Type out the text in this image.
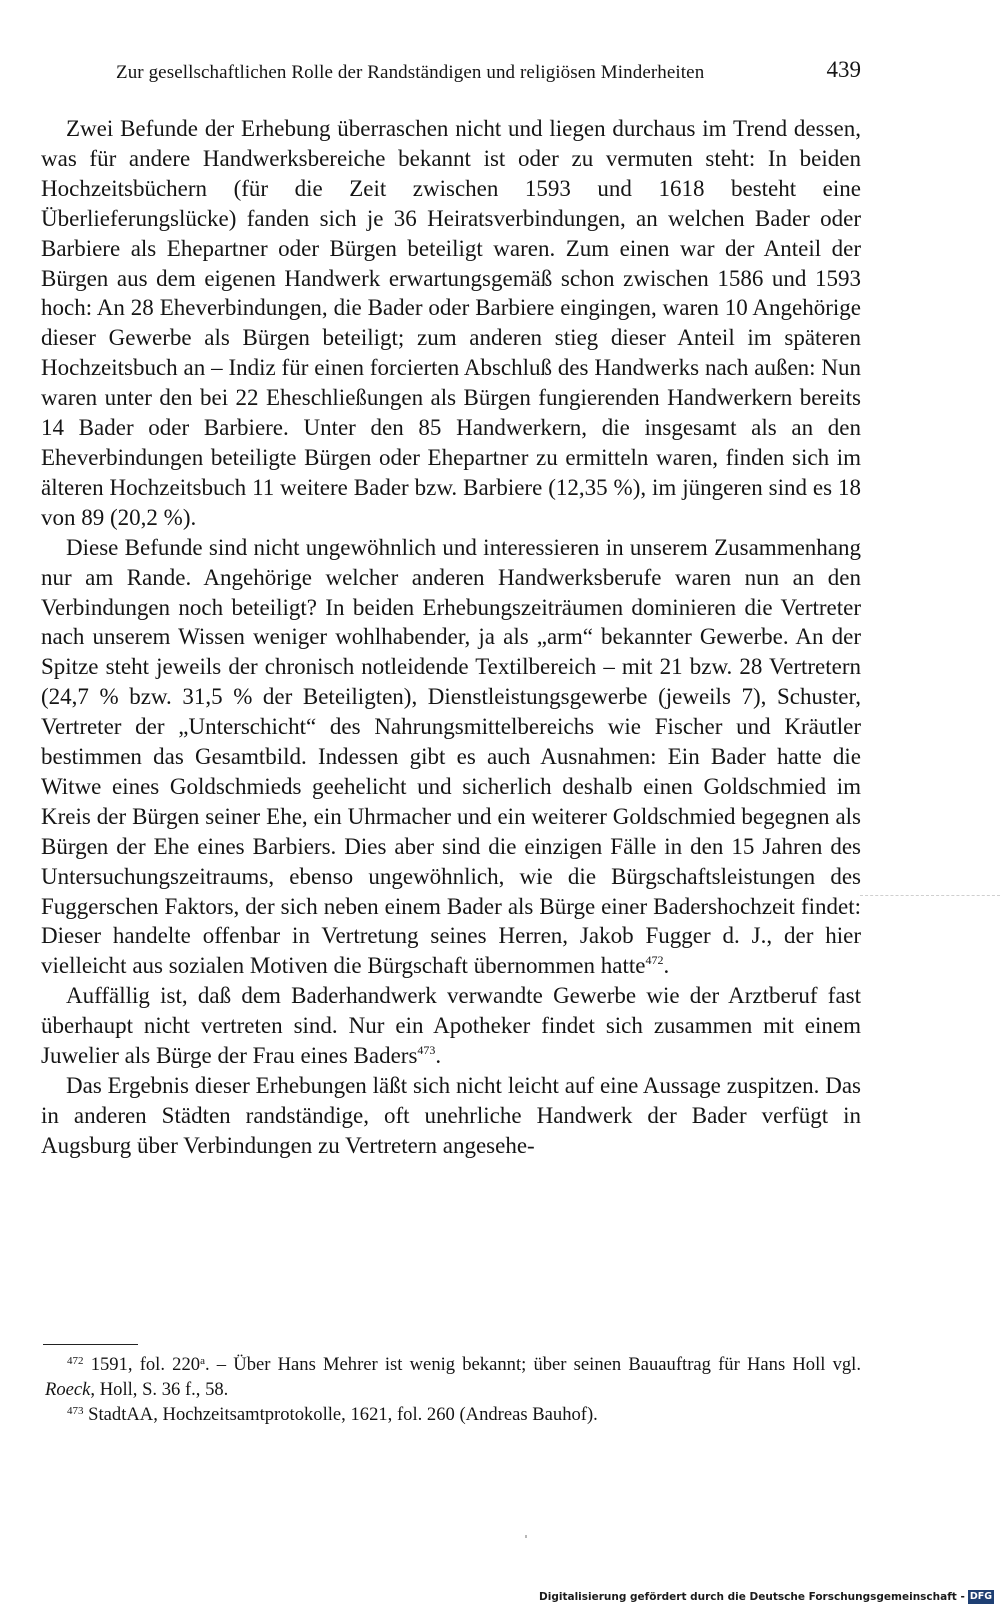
Zur gesellschaftlichen Rolle der Randständigen und religiösen Minderheiten	439

Zwei Befunde der Erhebung überraschen nicht und liegen durchaus im Trend dessen, was für andere Handwerksbereiche bekannt ist oder zu vermuten steht: In beiden Hochzeitsbüchern (für die Zeit zwischen 1593 und 1618 besteht eine Überlieferungslücke) fanden sich je 36 Heiratsverbindungen, an welchen Bader oder Barbiere als Ehepartner oder Bürgen beteiligt waren. Zum einen war der Anteil der Bürgen aus dem eigenen Handwerk erwartungsgemäß schon zwischen 1586 und 1593 hoch: An 28 Eheverbindungen, die Bader oder Barbiere eingingen, waren 10 Angehörige dieser Gewerbe als Bürgen beteiligt; zum anderen stieg dieser Anteil im späteren Hochzeitsbuch an – Indiz für einen forcierten Abschluß des Handwerks nach außen: Nun waren unter den bei 22 Eheschließungen als Bürgen fungierenden Handwerkern bereits 14 Bader oder Barbiere. Unter den 85 Handwerkern, die insgesamt als an den Eheverbindungen beteiligte Bürgen oder Ehepartner zu ermitteln waren, finden sich im älteren Hochzeitsbuch 11 weitere Bader bzw. Barbiere (12,35 %), im jüngeren sind es 18 von 89 (20,2 %).

Diese Befunde sind nicht ungewöhnlich und interessieren in unserem Zusammenhang nur am Rande. Angehörige welcher anderen Handwerksberufe waren nun an den Verbindungen noch beteiligt? In beiden Erhebungszeiträumen dominieren die Vertreter nach unserem Wissen weniger wohlhabender, ja als „arm“ bekannter Gewerbe. An der Spitze steht jeweils der chronisch notleidende Textilbereich – mit 21 bzw. 28 Vertretern (24,7 % bzw. 31,5 % der Beteiligten), Dienstleistungsgewerbe (jeweils 7), Schuster, Vertreter der „Unterschicht“ des Nahrungsmittelbereichs wie Fischer und Kräutler bestimmen das Gesamtbild. Indessen gibt es auch Ausnahmen: Ein Bader hatte die Witwe eines Goldschmieds geehelicht und sicherlich deshalb einen Goldschmied im Kreis der Bürgen seiner Ehe, ein Uhrmacher und ein weiterer Goldschmied begegnen als Bürgen der Ehe eines Barbiers. Dies aber sind die einzigen Fälle in den 15 Jahren des Untersuchungszeitraums, ebenso ungewöhnlich, wie die Bürgschaftsleistungen des Fuggerschen Faktors, der sich neben einem Bader als Bürge einer Badershochzeit findet: Dieser handelte offenbar in Vertretung seines Herren, Jakob Fugger d. J., der hier vielleicht aus sozialen Motiven die Bürgschaft übernommen hatte$^{472}$.

Auffällig ist, daß dem Baderhandwerk verwandte Gewerbe wie der Arztberuf fast überhaupt nicht vertreten sind. Nur ein Apotheker findet sich zusammen mit einem Juwelier als Bürge der Frau eines Baders$^{473}$.

Das Ergebnis dieser Erhebungen läßt sich nicht leicht auf eine Aussage zuspitzen. Das in anderen Städten randständige, oft unehrliche Handwerk der Bader verfügt in Augsburg über Verbindungen zu Vertretern angesehe-

$^{472}$ 1591, fol. 220$^a$. – Über Hans Mehrer ist wenig bekannt; über seinen Bauauftrag für Hans Holl vgl. Roeck, Holl, S. 36 f., 58.

$^{473}$ StadtAA, Hochzeitsamtprotokolle, 1621, fol. 260 (Andreas Bauhof).

Digitalisierung gefördert durch die Deutsche Forschungsgemeinschaft - DFG
